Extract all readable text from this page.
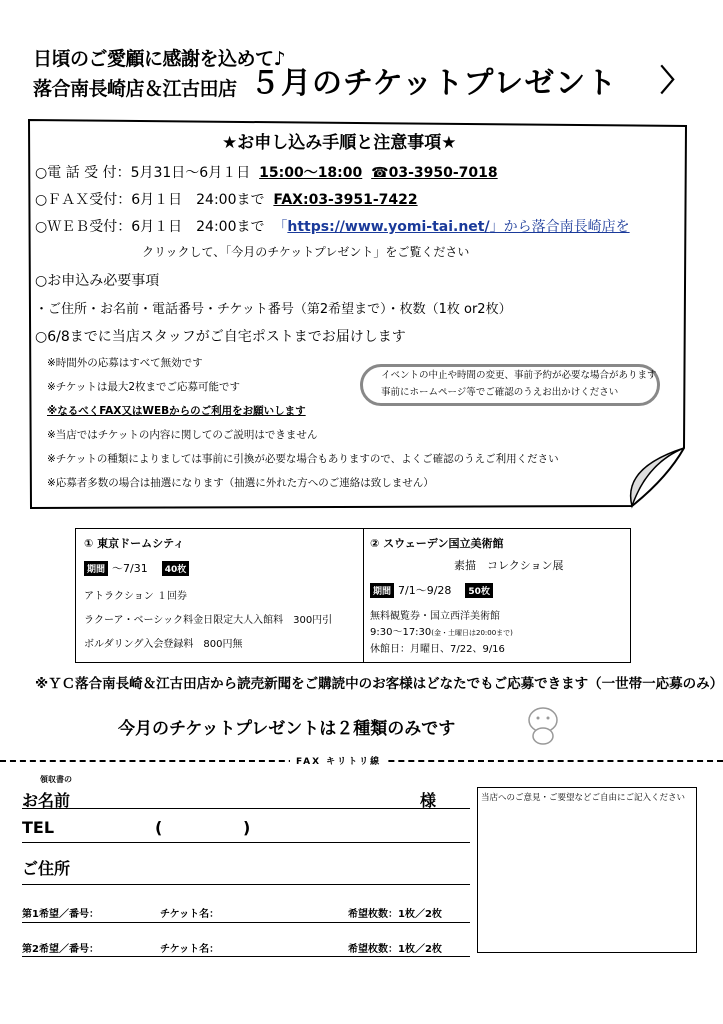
日頃のご愛顧に感謝を込めて♪
落合南長崎店＆江古田店 ５月のチケットプレゼント 〉
★お申し込み手順と注意事項★
○電 話 受 付：5月31日～6月１日 15:00～18:00 ☎03-3950-7018
○ＦＡＸ受付：6月１日　24:00まで FAX:03-3951-7422
○ＷＥＢ受付：6月１日　24:00まで 「https://www.yomi-tai.net/」から落合南長崎店を
クリックして、「今月のチケットプレゼント」をご覧ください
○お申込み必要事項
・ご住所・お名前・電話番号・チケット番号（第2希望まで）・枚数（1枚 or2枚）
○6/8までに当店スタッフがご自宅ポストまでお届けします
※時間外の応募はすべて無効です
※チケットは最大2枚までご応募可能です
※なるべくFAX又はWEBからのご利用をお願いします
※当店ではチケットの内容に関してのご説明はできません
※チケットの種類によりましては事前に引換が必要な場合もありますので、よくご確認のうえご利用ください
※応募者多数の場合は抽選になります（抽選に外れた方へのご連絡は致しません）
イベントの中止や時間の変更、事前予約が必要な場合があります
事前にホームページ等でご確認のうえお出かけください
① 東京ドームシティ
期間 ～7/31 40枚
アトラクション １回券
ラクーア・ベーシック料金日限定大人入館料　300円引
ボルダリング入会登録料　800円無
② スウェーデン国立美術館
素描　コレクション展
期間 7/1～9/28 50枚
無料観覧券・国立西洋美術館
9:30～17:30(金・土曜日は20:00まで)
休館日：月曜日、7/22、9/16
※ＹＣ落合南長崎＆江古田店から読売新聞をご購読中のお客様はどなたでもご応募できます（一世帯一応募のみ）
今月のチケットプレゼントは２種類のみです
FAX キリトリ線
領収書の
お名前	様
TEL	(	)
ご住所
第1希望／番号：	チケット名：	希望枚数：1枚／2枚
第2希望／番号：	チケット名：	希望枚数：1枚／2枚
当店へのご意見・ご要望などご自由にご記入ください
